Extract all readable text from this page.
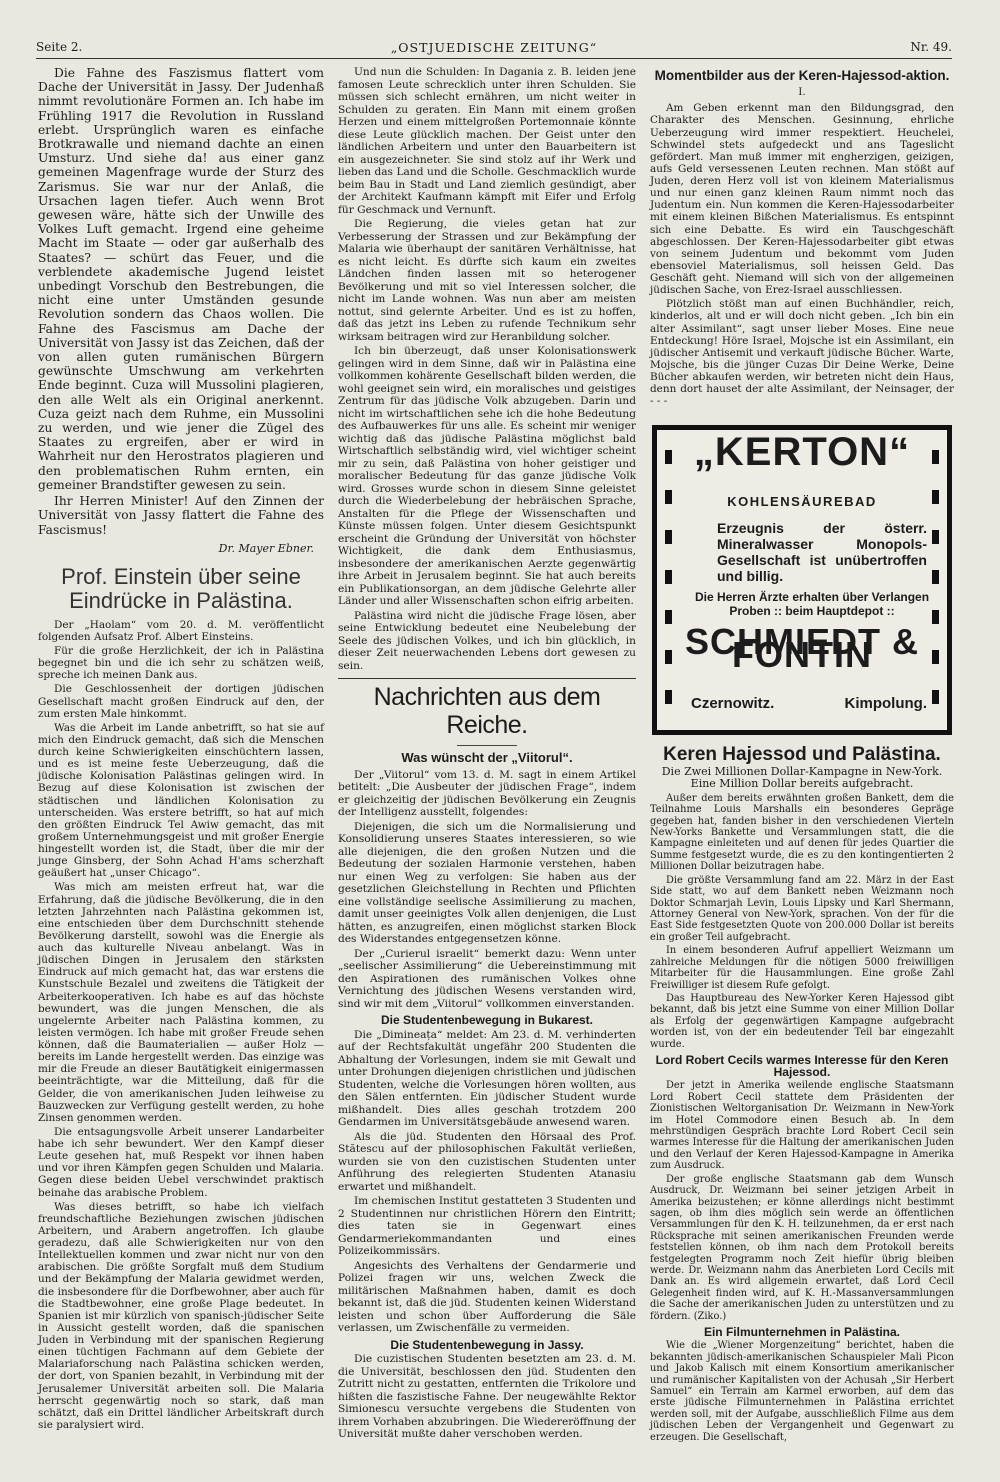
Seite 2.	„OSTJUEDISCHE ZEITUNG“	Nr. 49.

Die Fahne des Faszismus flattert vom Dache der Universität in Jassy. Der Judenhaß nimmt revolutionäre Formen an. Ich habe im Frühling 1917 die Revolution in Russland erlebt. Ursprünglich waren es einfache Brotkrawalle und niemand dachte an einen Umsturz. Und siehe da! aus einer ganz gemeinen Magenfrage wurde der Sturz des Zarismus. Sie war nur der Anlaß, die Ursachen lagen tiefer. Auch wenn Brot gewesen wäre, hätte sich der Unwille des Volkes Luft gemacht. Irgend eine geheime Macht im Staate — oder gar außerhalb des Staates? — schürt das Feuer, und die verblendete akademische Jugend leistet unbedingt Vorschub den Bestrebungen, die nicht eine unter Umständen gesunde Revolution sondern das Chaos wollen. Die Fahne des Fascismus am Dache der Universität von Jassy ist das Zeichen, daß der von allen guten rumänischen Bürgern gewünschte Umschwung am verkehrten Ende beginnt. Cuza will Mussolini plagieren, den alle Welt als ein Original anerkennt. Cuza geizt nach dem Ruhme, ein Mussolini zu werden, und wie jener die Zügel des Staates zu ergreifen, aber er wird in Wahrheit nur den Herostratos plagieren und den problematischen Ruhm ernten, ein gemeiner Brandstifter gewesen zu sein.

Ihr Herren Minister! Auf den Zinnen der Universität von Jassy flattert die Fahne des Fascismus!

Dr. Mayer Ebner.
Prof. Einstein über seine Eindrücke in Palästina.

Der „Haolam“ vom 20. d. M. veröffentlicht folgenden Aufsatz Prof. Albert Einsteins.

Für die große Herzlichkeit, der ich in Palästina begegnet bin und die ich sehr zu schätzen weiß, spreche ich meinen Dank aus.

Die Geschlossenheit der dortigen jüdischen Gesellschaft macht großen Eindruck auf den, der zum ersten Male hinkommt.

Was die Arbeit im Lande anbetrifft, so hat sie auf mich den Eindruck gemacht, daß sich die Menschen durch keine Schwierigkeiten einschüchtern lassen, und es ist meine feste Ueberzeugung, daß die jüdische Kolonisation Palästinas gelingen wird. In Bezug auf diese Kolonisation ist zwischen der städtischen und ländlichen Kolonisation zu unterscheiden. Was erstere betrifft, so hat auf mich den größten Eindruck Tel Awiw gemacht, das mit großem Unternehmungsgeist und mit großer Energie hingestellt worden ist, die Stadt, über die mir der junge Ginsberg, der Sohn Achad H'ams scherzhaft geäußert hat „unser Chicago“.

Was mich am meisten erfreut hat, war die Erfahrung, daß die jüdische Bevölkerung, die in den letzten Jahrzehnten nach Palästina gekommen ist, eine entschieden über dem Durchschnitt stehende Bevölkerung darstellt, sowohl was die Energie als auch das kulturelle Niveau anbelangt. Was in jüdischen Dingen in Jerusalem den stärksten Eindruck auf mich gemacht hat, das war erstens die Kunstschule Bezalel und zweitens die Tätigkeit der Arbeiterkooperativen. Ich habe es auf das höchste bewundert, was die jungen Menschen, die als ungelernte Arbeiter nach Palästina kommen, zu leisten vermögen. Ich habe mit großer Freude sehen können, daß die Baumaterialien — außer Holz — bereits im Lande hergestellt werden. Das einzige was mir die Freude an dieser Bautätigkeit einigermassen beeinträchtigte, war die Mitteilung, daß für die Gelder, die von amerikanischen Juden leihweise zu Bauzwecken zur Verfügung gestellt werden, zu hohe Zinsen genommen werden.

Die entsagungsvolle Arbeit unserer Landarbeiter habe ich sehr bewundert. Wer den Kampf dieser Leute gesehen hat, muß Respekt vor ihnen haben und vor ihren Kämpfen gegen Schulden und Malaria. Gegen diese beiden Uebel verschwindet praktisch beinahe das arabische Problem.

Was dieses betrifft, so habe ich vielfach freundschaftliche Beziehungen zwischen jüdischen Arbeitern, und Arabern angetroffen. Ich glaube geradezu, daß alle Schwierigkeiten nur von den Intellektuellen kommen und zwar nicht nur von den arabischen. Die größte Sorgfalt muß dem Studium und der Bekämpfung der Malaria gewidmet werden, die insbesondere für die Dorfbewohner, aber auch für die Stadtbewohner, eine große Plage bedeutet. In Spanien ist mir kürzlich von spanisch-jüdischer Seite in Aussicht gestellt worden, daß die spanischen Juden in Verbindung mit der spanischen Regierung einen tüchtigen Fachmann auf dem Gebiete der Malariaforschung nach Palästina schicken werden, der dort, von Spanien bezahlt, in Verbindung mit der Jerusalemer Universität arbeiten soll. Die Malaria herrscht gegenwärtig noch so stark, daß man schätzt, daß ein Drittel ländlicher Arbeitskraft durch sie paralysiert wird.

Und nun die Schulden: In Dagania z. B. leiden jene famosen Leute schrecklich unter ihren Schulden. Sie müssen sich schlecht ernähren, um nicht weiter in Schulden zu geraten. Ein Mann mit einem großen Herzen und einem mittelgroßen Portemonnaie könnte diese Leute glücklich machen. Der Geist unter den ländlichen Arbeitern und unter den Bauarbeitern ist ein ausgezeichneter. Sie sind stolz auf ihr Werk und lieben das Land und die Scholle. Geschmacklich wurde beim Bau in Stadt und Land ziemlich gesündigt, aber der Architekt Kaufmann kämpft mit Eifer und Erfolg für Geschmack und Vernunft.

Die Regierung, die vieles getan hat zur Verbesserung der Strassen und zur Bekämpfung der Malaria wie überhaupt der sanitären Verhältnisse, hat es nicht leicht. Es dürfte sich kaum ein zweites Ländchen finden lassen mit so heterogener Bevölkerung und mit so viel Interessen solcher, die nicht im Lande wohnen. Was nun aber am meisten nottut, sind gelernte Arbeiter. Und es ist zu hoffen, daß das jetzt ins Leben zu rufende Technikum sehr wirksam beitragen wird zur Heranbildung solcher.

Ich bin überzeugt, daß unser Kolonisationswerk gelingen wird in dem Sinne, daß wir in Palästina eine vollkommen kohärente Gesellschaft bilden werden, die wohl geeignet sein wird, ein moralisches und geistiges Zentrum für das jüdische Volk abzugeben. Darin und nicht im wirtschaftlichen sehe ich die hohe Bedeutung des Aufbauwerkes für uns alle. Es scheint mir weniger wichtig daß das jüdische Palästina möglichst bald Wirtschaftlich selbständig wird, viel wichtiger scheint mir zu sein, daß Palästina von hoher geistiger und moralischer Bedeutung für das ganze jüdische Volk wird. Grosses wurde schon in diesem Sinne geleistet durch die Wiederbelebung der hebräischen Sprache, Anstalten für die Pflege der Wissenschaften und Künste müssen folgen. Unter diesem Gesichtspunkt erscheint die Gründung der Universität von höchster Wichtigkeit, die dank dem Enthusiasmus, insbesondere der amerikanischen Aerzte gegenwärtig ihre Arbeit in Jerusalem beginnt. Sie hat auch bereits ein Publikationsorgan, an dem jüdische Gelehrte aller Länder und aller Wissenschaften schon eifrig arbeiten.

Palästina wird nicht die jüdische Frage lösen, aber seine Entwicklung bedeutet eine Neubelebung der Seele des jüdischen Volkes, und ich bin glücklich, in dieser Zeit neuerwachenden Lebens dort gewesen zu sein.

Nachrichten aus dem Reiche.
Was wünscht der „Viitorul“.

Der „Viitorul“ vom 13. d. M. sagt in einem Artikel betitelt: „Die Ausbeuter der jüdischen Frage“, indem er gleichzeitig der jüdischen Bevölkerung ein Zeugnis der Intelligenz ausstellt, folgendes:

Diejenigen, die sich um die Normalisierung und Konsolidierung unseres Staates interessieren, so wie alle diejenigen, die den großen Nutzen und die Bedeutung der sozialen Harmonie verstehen, haben nur einen Weg zu verfolgen: Sie haben aus der gesetzlichen Gleichstellung in Rechten und Pflichten eine vollständige seelische Assimilierung zu machen, damit unser geeinigtes Volk allen denjenigen, die Lust hätten, es anzugreifen, einen möglichst starken Block des Widerstandes entgegensetzen könne.

Der „Curierul israelit“ bemerkt dazu: Wenn unter „seelischer Assimilierung“ die Uebereinstimmung mit den Aspirationen des rumänischen Volkes ohne Vernichtung des jüdischen Wesens verstanden wird, sind wir mit dem „Viitorul“ vollkommen einverstanden.

Die Studentenbewegung in Bukarest.

Die „Dimineața“ meldet: Am 23. d. M. verhinderten auf der Rechtsfakultät ungefähr 200 Studenten die Abhaltung der Vorlesungen, indem sie mit Gewalt und unter Drohungen diejenigen christlichen und jüdischen Studenten, welche die Vorlesungen hören wollten, aus den Sälen entfernten. Ein jüdischer Student wurde mißhandelt. Dies alles geschah trotzdem 200 Gendarmen im Universitätsgebäude anwesend waren.

Als die jüd. Studenten den Hörsaal des Prof. Stătescu auf der philosophischen Fakultät verließen, wurden sie von den cuzistischen Studenten unter Anführung des relegierten Studenten Atanasiu erwartet und mißhandelt.

Im chemischen Institut gestatteten 3 Studenten und 2 Studentinnen nur christlichen Hörern den Eintritt; dies taten sie in Gegenwart eines Gendarmeriekommandanten und eines Polizeikommissärs.

Angesichts des Verhaltens der Gendarmerie und Polizei fragen wir uns, welchen Zweck die militärischen Maßnahmen haben, damit es doch bekannt ist, daß die jüd. Studenten keinen Widerstand leisten und schon über Aufforderung die Säle verlassen, um Zwischenfälle zu vermeiden.

Die Studentenbewegung in Jassy.

Die cuzistischen Studenten besetzten am 23. d. M. die Universität, beschlossen den jüd. Studenten den Zutritt nicht zu gestatten, entfernten die Trikolore und hißten die faszistische Fahne. Der neugewählte Rektor Simionescu versuchte vergebens die Studenten von ihrem Vorhaben abzubringen. Die Wiedereröffnung der Universität mußte daher verschoben werden.

Momentbilder aus der Keren-Hajessod-aktion.
I.

Am Geben erkennt man den Bildungsgrad, den Charakter des Menschen. Gesinnung, ehrliche Ueberzeugung wird immer respektiert. Heuchelei, Schwindel stets aufgedeckt und ans Tageslicht gefördert. Man muß immer mit engherzigen, geizigen, aufs Geld versessenen Leuten rechnen. Man stößt auf Juden, deren Herz voll ist von kleinem Materialismus und nur einen ganz kleinen Raum nimmt noch das Judentum ein. Nun kommen die Keren-Hajessodarbeiter mit einem kleinen Bißchen Materialismus. Es entspinnt sich eine Debatte. Es wird ein Tauschgeschäft abgeschlossen. Der Keren-Hajessodarbeiter gibt etwas von seinem Judentum und bekommt vom Juden ebensoviel Materialismus, soll heissen Geld. Das Geschäft geht. Niemand will sich von der allgemeinen jüdischen Sache, von Erez-Israel ausschliessen.

Plötzlich stößt man auf einen Buchhändler, reich, kinderlos, alt und er will doch nicht geben. „Ich bin ein alter Assimilant“, sagt unser lieber Moses. Eine neue Entdeckung! Höre Israel, Mojsche ist ein Assimilant, ein jüdischer Antisemit und verkauft jüdische Bücher. Warte, Mojsche, bis die jünger Cuzas Dir Deine Werke, Deine Bücher abkaufen werden, wir betreten nicht dein Haus, denn dort hauset der alte Assimilant, der Neinsager, der - - -

„KERTON“
KOHLENSÄUREBAD
Erzeugnis der österr. Mineralwasser Monopols-Gesellschaft ist unübertroffen und billig.
Die Herren Ärzte erhalten über Verlangen Proben :: beim Hauptdepot ::
SCHMIEDT & FONTIN
Czernowitz.	Kimpolung.
Keren Hajessod und Palästina.
Die Zwei Millionen Dollar-Kampagne in New-York.
Eine Million Dollar bereits aufgebracht.

Außer dem bereits erwähnten großen Bankett, dem die Teilnahme Louis Marshalls ein besonderes Gepräge gegeben hat, fanden bisher in den verschiedenen Vierteln New-Yorks Bankette und Versammlungen statt, die die Kampagne einleiteten und auf denen für jedes Quartier die Summe festgesetzt wurde, die es zu den kontingentierten 2 Millionen Dollar beizutragen habe.

Die größte Versammlung fand am 22. März in der East Side statt, wo auf dem Bankett neben Weizmann noch Doktor Schmarjah Levin, Louis Lipsky und Karl Shermann, Attorney General von New-York, sprachen. Von der für die East Side festgesetzten Quote von 200.000 Dollar ist bereits ein großer Teil aufgebracht.

In einem besonderen Aufruf appelliert Weizmann um zahlreiche Meldungen für die nötigen 5000 freiwilligen Mitarbeiter für die Hausammlungen. Eine große Zahl Freiwilliger ist diesem Rufe gefolgt.

Das Hauptbureau des New-Yorker Keren Hajessod gibt bekannt, daß bis jetzt eine Summe von einer Million Dollar als Erfolg der gegenwärtigen Kampagne aufgebracht worden ist, von der ein bedeutender Teil bar eingezahlt wurde.

Lord Robert Cecils warmes Interesse für den Keren Hajessod.

Der jetzt in Amerika weilende englische Staatsmann Lord Robert Cecil stattete dem Präsidenten der Zionistischen Weltorganisation Dr. Weizmann in New-York im Hotel Commodore einen Besuch ab. In dem mehrstündigen Gespräch brachte Lord Robert Cecil sein warmes Interesse für die Haltung der amerikanischen Juden und den Verlauf der Keren Hajessod-Kampagne in Amerika zum Ausdruck.

Der große englische Staatsmann gab dem Wunsch Ausdruck, Dr. Weizmann bei seiner jetzigen Arbeit in Amerika beizustehen; er könne allerdings nicht bestimmt sagen, ob ihm dies möglich sein werde an öffentlichen Versammlungen für den K. H. teilzunehmen, da er erst nach Rücksprache mit seinen amerikanischen Freunden werde feststellen können, ob ihm nach dem Protokoll bereits festgelegten Programm noch Zeit hiefür übrig bleiben werde. Dr. Weizmann nahm das Anerbieten Lord Cecils mit Dank an. Es wird allgemein erwartet, daß Lord Cecil Gelegenheit finden wird, auf K. H.-Massanversammlungen die Sache der amerikanischen Juden zu unterstützen und zu fördern. (Ziko.)

Ein Filmunternehmen in Palästina.

Wie die „Wiener Morgenzeitung“ berichtet, haben die bekannten jüdisch-amerikanischen Schauspieler Mali Picon und Jakob Kalisch mit einem Konsortium amerikanischer und rumänischer Kapitalisten von der Achusah „Sir Herbert Samuel“ ein Terrain am Karmel erworben, auf dem das erste jüdische Filmunternehmen in Palästina errichtet werden soll, mit der Aufgabe, ausschließlich Filme aus dem jüdischen Leben der Vergangenheit und Gegenwart zu erzeugen. Die Gesellschaft,
